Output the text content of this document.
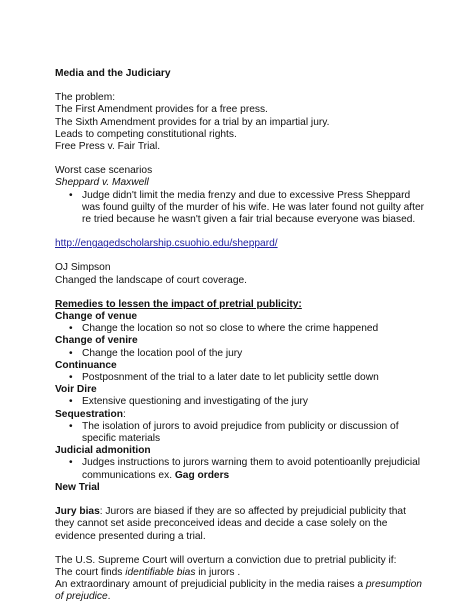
Media and the Judiciary
The problem:
The First Amendment provides for a free press.
The Sixth Amendment provides for a trial by an impartial jury.
Leads to competing constitutional rights.
Free Press v. Fair Trial.
Worst case scenarios
Sheppard v. Maxwell
• Judge didn't limit the media frenzy and due to excessive Press Sheppard was found guilty of the murder of his wife. He was later found not guilty after re tried because he wasn't given a fair trial because everyone was biased.
http://engagedscholarship.csuohio.edu/sheppard/
OJ Simpson
Changed the landscape of court coverage.
Remedies to lessen the impact of pretrial publicity:
Change of venue
• Change the location so not so close to where the crime happened
Change of venire
• Change the location pool of the jury
Continuance
• Postposnment of the trial to a later date to let publicity settle down
Voir Dire
• Extensive questioning and investigating of the jury
Sequestration:
• The isolation of jurors to avoid prejudice from publicity or discussion of specific materials
Judicial admonition
• Judges instructions to jurors warning them to avoid potentioanlly prejudicial communications ex. Gag orders
New Trial
Jury bias: Jurors are biased if they are so affected by prejudicial publicity that they cannot set aside preconceived ideas and decide a case solely on the evidence presented during a trial.
The U.S. Supreme Court will overturn a conviction due to pretrial publicity if:
The court finds identifiable bias in jurors .
An extraordinary amount of prejudicial publicity in the media raises a presumption of prejudice.
